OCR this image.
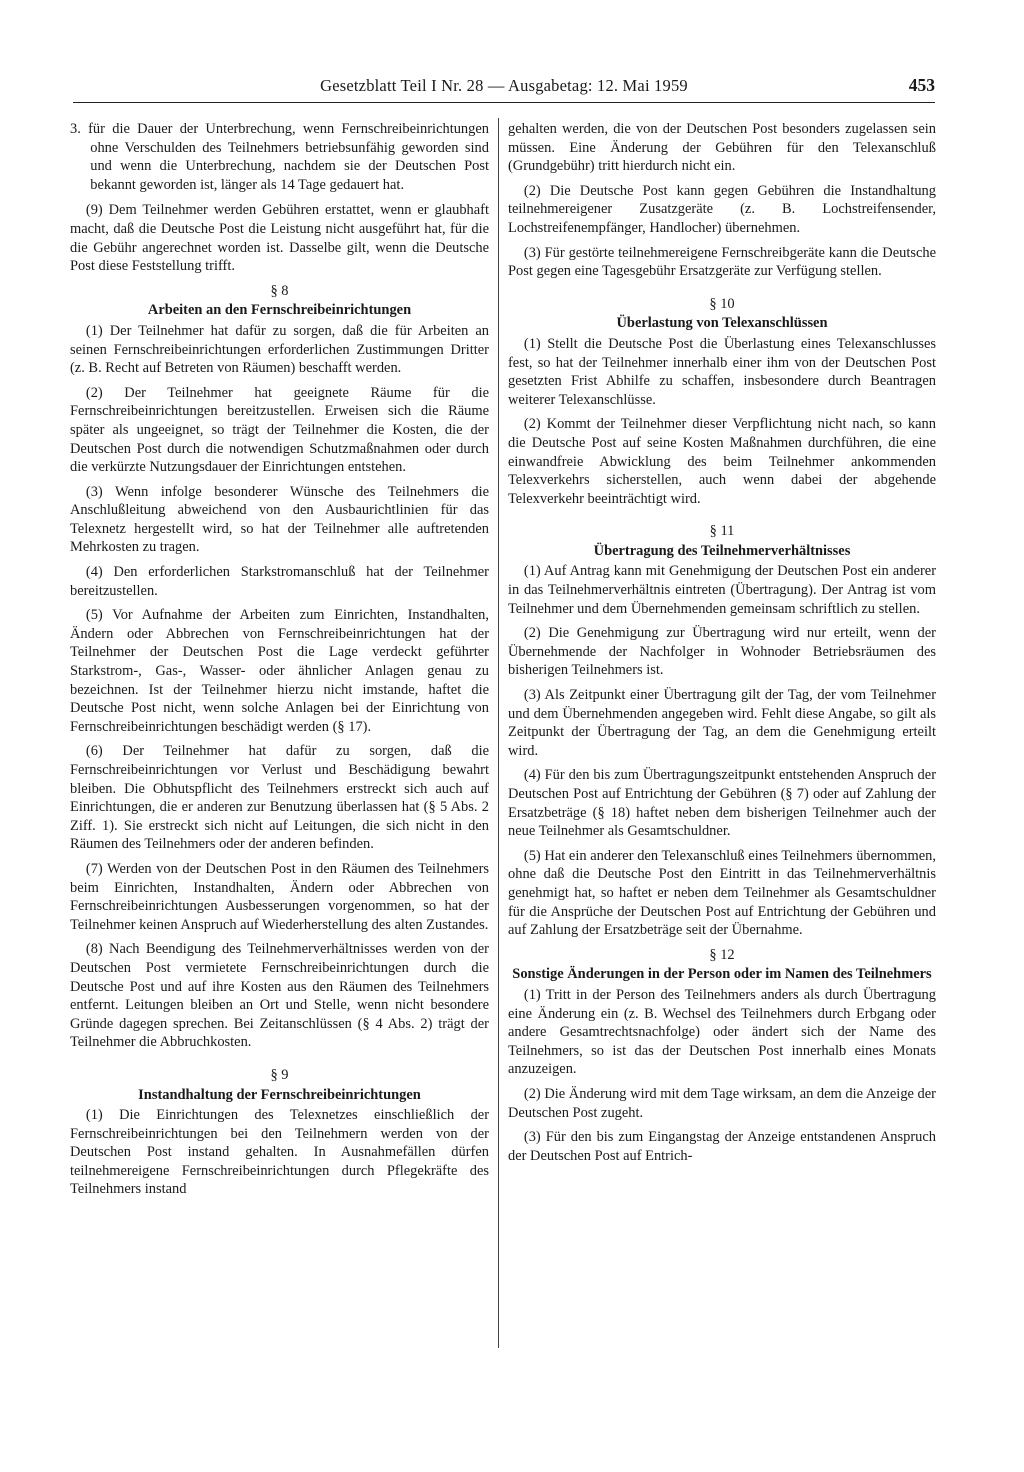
Gesetzblatt Teil I Nr. 28 — Ausgabetag: 12. Mai 1959	453

3. für die Dauer der Unterbrechung, wenn Fernschreibeinrichtungen ohne Verschulden des Teilnehmers betriebsunfähig geworden sind und wenn die Unterbrechung, nachdem sie der Deutschen Post bekannt geworden ist, länger als 14 Tage gedauert hat.

(9) Dem Teilnehmer werden Gebühren erstattet, wenn er glaubhaft macht, daß die Deutsche Post die Leistung nicht ausgeführt hat, für die die Gebühr angerechnet worden ist. Dasselbe gilt, wenn die Deutsche Post diese Feststellung trifft.

§ 8

Arbeiten an den Fernschreibeinrichtungen

(1) Der Teilnehmer hat dafür zu sorgen, daß die für Arbeiten an seinen Fernschreibeinrichtungen erforderlichen Zustimmungen Dritter (z. B. Recht auf Betreten von Räumen) beschafft werden.

(2) Der Teilnehmer hat geeignete Räume für die Fernschreibeinrichtungen bereitzustellen. Erweisen sich die Räume später als ungeeignet, so trägt der Teilnehmer die Kosten, die der Deutschen Post durch die notwendigen Schutzmaßnahmen oder durch die verkürzte Nutzungsdauer der Einrichtungen entstehen.

(3) Wenn infolge besonderer Wünsche des Teilnehmers die Anschlußleitung abweichend von den Ausbaurichtlinien für das Telexnetz hergestellt wird, so hat der Teilnehmer alle auftretenden Mehrkosten zu tragen.

(4) Den erforderlichen Starkstromanschluß hat der Teilnehmer bereitzustellen.

(5) Vor Aufnahme der Arbeiten zum Einrichten, Instandhalten, Ändern oder Abbrechen von Fernschreibeinrichtungen hat der Teilnehmer der Deutschen Post die Lage verdeckt geführter Starkstrom-, Gas-, Wasser- oder ähnlicher Anlagen genau zu bezeichnen. Ist der Teilnehmer hierzu nicht imstande, haftet die Deutsche Post nicht, wenn solche Anlagen bei der Einrichtung von Fernschreibeinrichtungen beschädigt werden (§ 17).

(6) Der Teilnehmer hat dafür zu sorgen, daß die Fernschreibeinrichtungen vor Verlust und Beschädigung bewahrt bleiben. Die Obhutspflicht des Teilnehmers erstreckt sich auch auf Einrichtungen, die er anderen zur Benutzung überlassen hat (§ 5 Abs. 2 Ziff. 1). Sie erstreckt sich nicht auf Leitungen, die sich nicht in den Räumen des Teilnehmers oder der anderen befinden.

(7) Werden von der Deutschen Post in den Räumen des Teilnehmers beim Einrichten, Instandhalten, Ändern oder Abbrechen von Fernschreibeinrichtungen Ausbesserungen vorgenommen, so hat der Teilnehmer keinen Anspruch auf Wiederherstellung des alten Zustandes.

(8) Nach Beendigung des Teilnehmerverhältnisses werden von der Deutschen Post vermietete Fernschreibeinrichtungen durch die Deutsche Post und auf ihre Kosten aus den Räumen des Teilnehmers entfernt. Leitungen bleiben an Ort und Stelle, wenn nicht besondere Gründe dagegen sprechen. Bei Zeitanschlüssen (§ 4 Abs. 2) trägt der Teilnehmer die Abbruchkosten.

§ 9

Instandhaltung der Fernschreibeinrichtungen

(1) Die Einrichtungen des Telexnetzes einschließlich der Fernschreibeinrichtungen bei den Teilnehmern werden von der Deutschen Post instand gehalten. In Ausnahmefällen dürfen teilnehmereigene Fernschreibeinrichtungen durch Pflegekräfte des Teilnehmers instand

gehalten werden, die von der Deutschen Post besonders zugelassen sein müssen. Eine Änderung der Gebühren für den Telexanschluß (Grundgebühr) tritt hierdurch nicht ein.

(2) Die Deutsche Post kann gegen Gebühren die Instandhaltung teilnehmereigener Zusatzgeräte (z. B. Lochstreifensender, Lochstreifenempfänger, Handlocher) übernehmen.

(3) Für gestörte teilnehmereigene Fernschreibgeräte kann die Deutsche Post gegen eine Tagesgebühr Ersatzgeräte zur Verfügung stellen.

§ 10

Überlastung von Telexanschlüssen

(1) Stellt die Deutsche Post die Überlastung eines Telexanschlusses fest, so hat der Teilnehmer innerhalb einer ihm von der Deutschen Post gesetzten Frist Abhilfe zu schaffen, insbesondere durch Beantragen weiterer Telexanschlüsse.

(2) Kommt der Teilnehmer dieser Verpflichtung nicht nach, so kann die Deutsche Post auf seine Kosten Maßnahmen durchführen, die eine einwandfreie Abwicklung des beim Teilnehmer ankommenden Telexverkehrs sicherstellen, auch wenn dabei der abgehende Telexverkehr beeinträchtigt wird.

§ 11

Übertragung des Teilnehmerverhältnisses

(1) Auf Antrag kann mit Genehmigung der Deutschen Post ein anderer in das Teilnehmerverhältnis eintreten (Übertragung). Der Antrag ist vom Teilnehmer und dem Übernehmenden gemeinsam schriftlich zu stellen.

(2) Die Genehmigung zur Übertragung wird nur erteilt, wenn der Übernehmende der Nachfolger in Wohnoder Betriebsräumen des bisherigen Teilnehmers ist.

(3) Als Zeitpunkt einer Übertragung gilt der Tag, der vom Teilnehmer und dem Übernehmenden angegeben wird. Fehlt diese Angabe, so gilt als Zeitpunkt der Übertragung der Tag, an dem die Genehmigung erteilt wird.

(4) Für den bis zum Übertragungszeitpunkt entstehenden Anspruch der Deutschen Post auf Entrichtung der Gebühren (§ 7) oder auf Zahlung der Ersatzbeträge (§ 18) haftet neben dem bisherigen Teilnehmer auch der neue Teilnehmer als Gesamtschuldner.

(5) Hat ein anderer den Telexanschluß eines Teilnehmers übernommen, ohne daß die Deutsche Post den Eintritt in das Teilnehmerverhältnis genehmigt hat, so haftet er neben dem Teilnehmer als Gesamtschuldner für die Ansprüche der Deutschen Post auf Entrichtung der Gebühren und auf Zahlung der Ersatzbeträge seit der Übernahme.

§ 12

Sonstige Änderungen in der Person oder im Namen des Teilnehmers

(1) Tritt in der Person des Teilnehmers anders als durch Übertragung eine Änderung ein (z. B. Wechsel des Teilnehmers durch Erbgang oder andere Gesamtrechtsnachfolge) oder ändert sich der Name des Teilnehmers, so ist das der Deutschen Post innerhalb eines Monats anzuzeigen.

(2) Die Änderung wird mit dem Tage wirksam, an dem die Anzeige der Deutschen Post zugeht.

(3) Für den bis zum Eingangstag der Anzeige entstandenen Anspruch der Deutschen Post auf Entrich-
